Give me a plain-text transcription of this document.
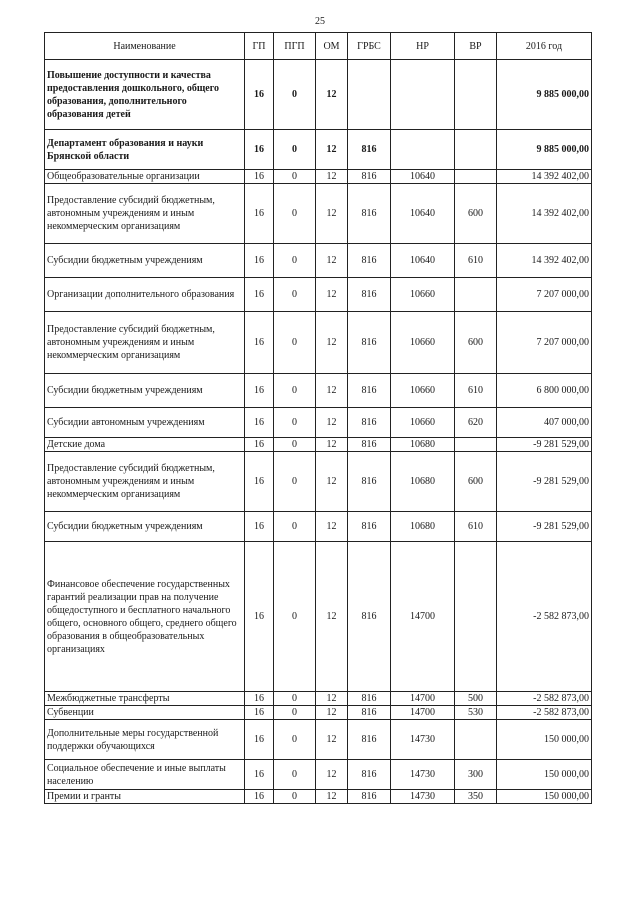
25
Наименование	ГП	ПГП	ОМ	ГРБС	НР	ВР	2016 год
Повышение доступности и качества предоставления дошкольного, общего образования, дополнительного образования детей	16	0	12				9 885 000,00
Департамент образования и науки Брянской области	16	0	12	816			9 885 000,00
Общеобразовательные организации	16	0	12	816	10640		14 392 402,00
Предоставление субсидий бюджетным, автономным учреждениям и иным некоммерческим организациям	16	0	12	816	10640	600	14 392 402,00
Субсидии бюджетным учреждениям	16	0	12	816	10640	610	14 392 402,00
Организации дополнительного образования	16	0	12	816	10660		7 207 000,00
Предоставление субсидий бюджетным, автономным учреждениям и иным некоммерческим организациям	16	0	12	816	10660	600	7 207 000,00
Субсидии бюджетным учреждениям	16	0	12	816	10660	610	6 800 000,00
Субсидии автономным учреждениям	16	0	12	816	10660	620	407 000,00
Детские дома	16	0	12	816	10680		-9 281 529,00
Предоставление субсидий бюджетным, автономным учреждениям и иным некоммерческим организациям	16	0	12	816	10680	600	-9 281 529,00
Субсидии бюджетным учреждениям	16	0	12	816	10680	610	-9 281 529,00
Финансовое обеспечение государственных гарантий реализации прав на получение общедоступного и бесплатного начального общего, основного общего, среднего общего образования в общеобразовательных организациях	16	0	12	816	14700		-2 582 873,00
Межбюджетные трансферты	16	0	12	816	14700	500	-2 582 873,00
Субвенции	16	0	12	816	14700	530	-2 582 873,00
Дополнительные меры государственной поддержки обучающихся	16	0	12	816	14730		150 000,00
Социальное обеспечение и иные выплаты населению	16	0	12	816	14730	300	150 000,00
Премии и гранты	16	0	12	816	14730	350	150 000,00
